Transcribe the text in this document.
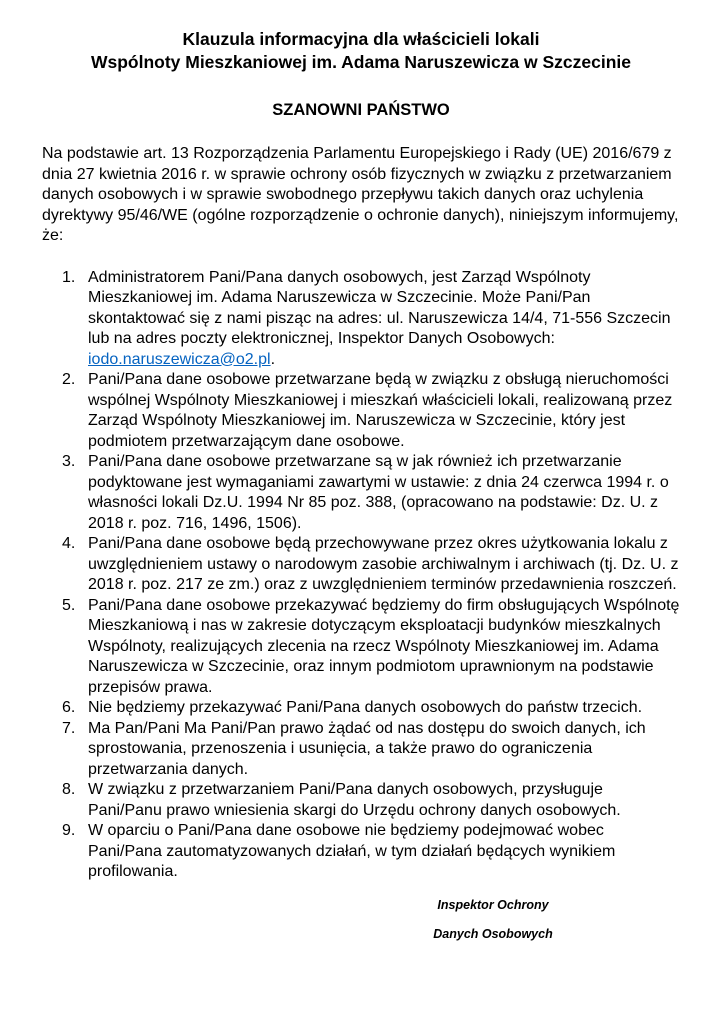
Klauzula informacyjna dla właścicieli lokali
Wspólnoty Mieszkaniowej im. Adama Naruszewicza w Szczecinie
SZANOWNI PAŃSTWO

Na podstawie art. 13 Rozporządzenia Parlamentu Europejskiego i Rady (UE) 2016/679 z dnia 27 kwietnia 2016 r. w sprawie ochrony osób fizycznych w związku z przetwarzaniem danych osobowych i w sprawie swobodnego przepływu takich danych oraz uchylenia dyrektywy 95/46/WE (ogólne rozporządzenie o ochronie danych), niniejszym informujemy, że:

1. Administratorem Pani/Pana danych osobowych, jest Zarząd Wspólnoty Mieszkaniowej im. Adama Naruszewicza w Szczecinie. Może Pani/Pan skontaktować się z nami pisząc na adres: ul. Naruszewicza 14/4, 71-556 Szczecin lub na adres poczty elektronicznej, Inspektor Danych Osobowych: iodo.naruszewicza@o2.pl.
2. Pani/Pana dane osobowe przetwarzane będą w związku z obsługą nieruchomości wspólnej Wspólnoty Mieszkaniowej i mieszkań właścicieli lokali, realizowaną przez Zarząd Wspólnoty Mieszkaniowej im. Naruszewicza w Szczecinie, który jest podmiotem przetwarzającym dane osobowe.
3. Pani/Pana dane osobowe przetwarzane są w jak również ich przetwarzanie podyktowane jest wymaganiami zawartymi w ustawie: z dnia 24 czerwca 1994 r. o własności lokali Dz.U. 1994 Nr 85 poz. 388, (opracowano na podstawie: Dz. U. z 2018 r. poz. 716, 1496, 1506).
4. Pani/Pana dane osobowe będą przechowywane przez okres użytkowania lokalu z uwzględnieniem ustawy o narodowym zasobie archiwalnym i archiwach (tj. Dz. U. z 2018 r. poz. 217 ze zm.) oraz z uwzględnieniem terminów przedawnienia roszczeń.
5. Pani/Pana dane osobowe przekazywać będziemy do firm obsługujących Wspólnotę Mieszkaniową i nas w zakresie dotyczącym eksploatacji budynków mieszkalnych Wspólnoty, realizujących zlecenia na rzecz Wspólnoty Mieszkaniowej im. Adama Naruszewicza w Szczecinie, oraz innym podmiotom uprawnionym na podstawie przepisów prawa.
6. Nie będziemy przekazywać Pani/Pana danych osobowych do państw trzecich.
7. Ma Pan/Pani Ma Pani/Pan prawo żądać od nas dostępu do swoich danych, ich sprostowania, przenoszenia i usunięcia, a także prawo do ograniczenia przetwarzania danych.
8. W związku z przetwarzaniem Pani/Pana danych osobowych, przysługuje Pani/Panu prawo wniesienia skargi do Urzędu ochrony danych osobowych.
9. W oparciu o Pani/Pana dane osobowe nie będziemy podejmować wobec Pani/Pana zautomatyzowanych działań, w tym działań będących wynikiem profilowania.
Inspektor Ochrony
Danych Osobowych
